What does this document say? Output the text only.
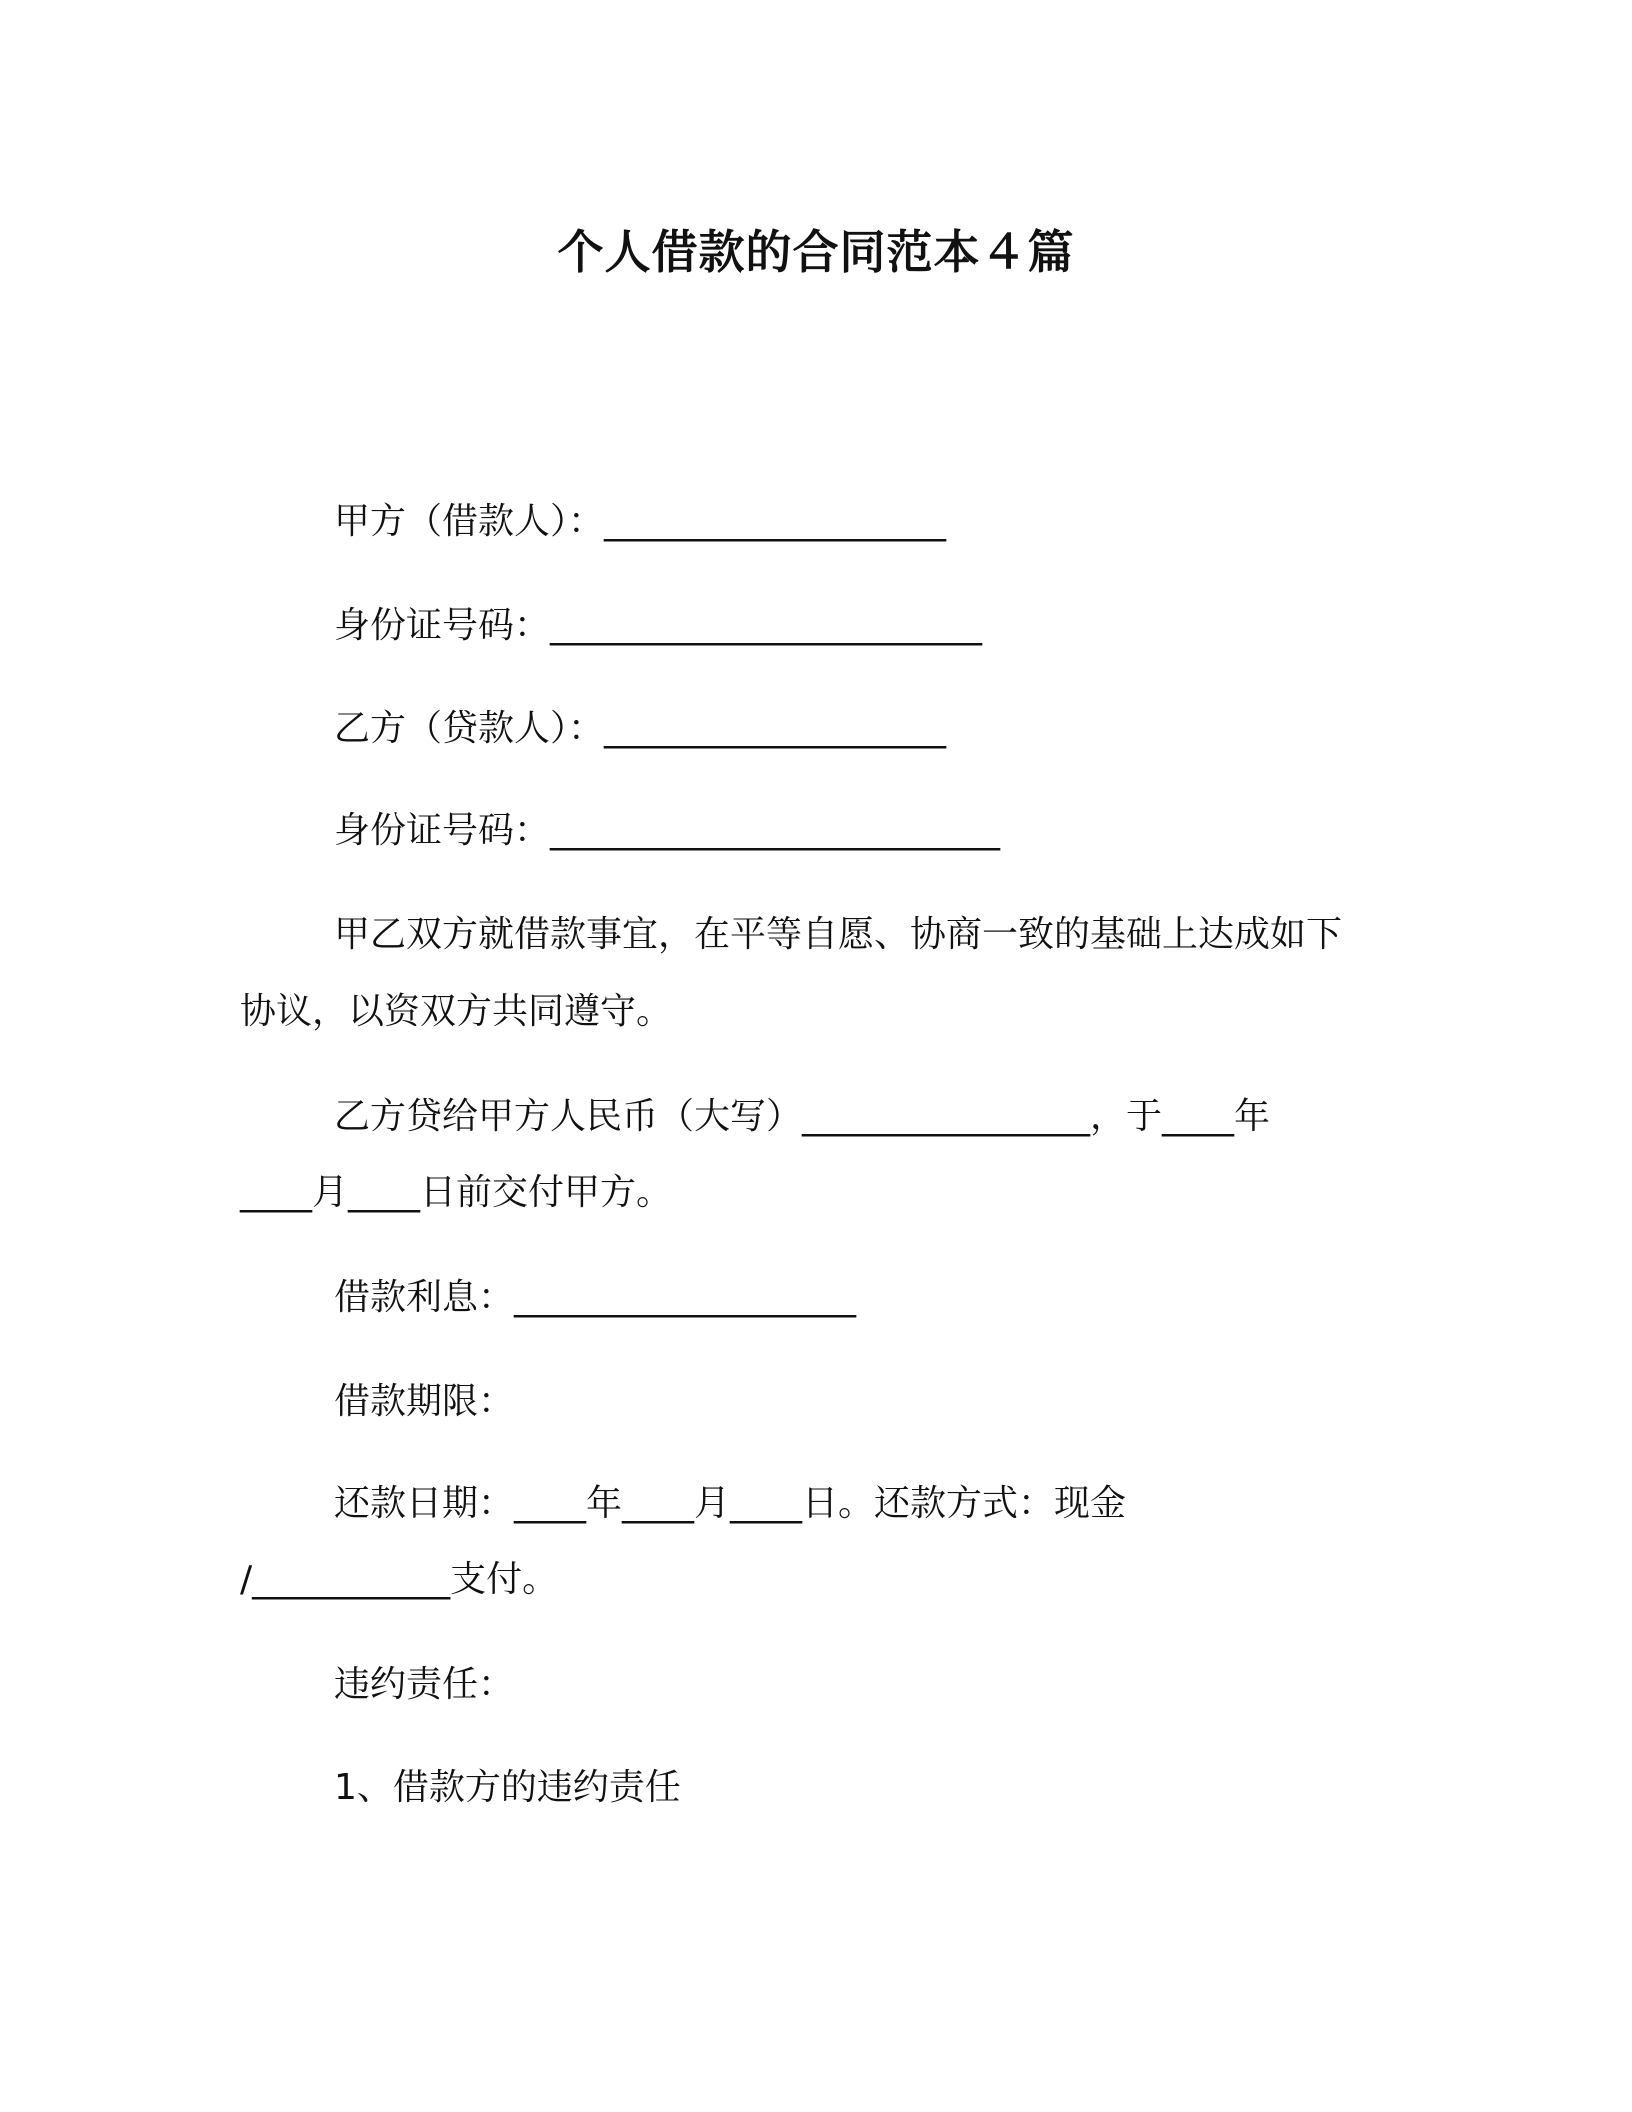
个人借款的合同范本４篇
甲方（借款人）：___________________
身份证号码：________________________
乙方（贷款人）：___________________
身份证号码：_________________________
甲乙双方就借款事宜，在平等自愿、协商一致的基础上达成如下
协议，以资双方共同遵守。
乙方贷给甲方人民币（大写）________________，于____年
____月____日前交付甲方。
借款利息：___________________
借款期限：
还款日期：____年____月____日。还款方式：现金
/___________支付。
违约责任：
1、借款方的违约责任
